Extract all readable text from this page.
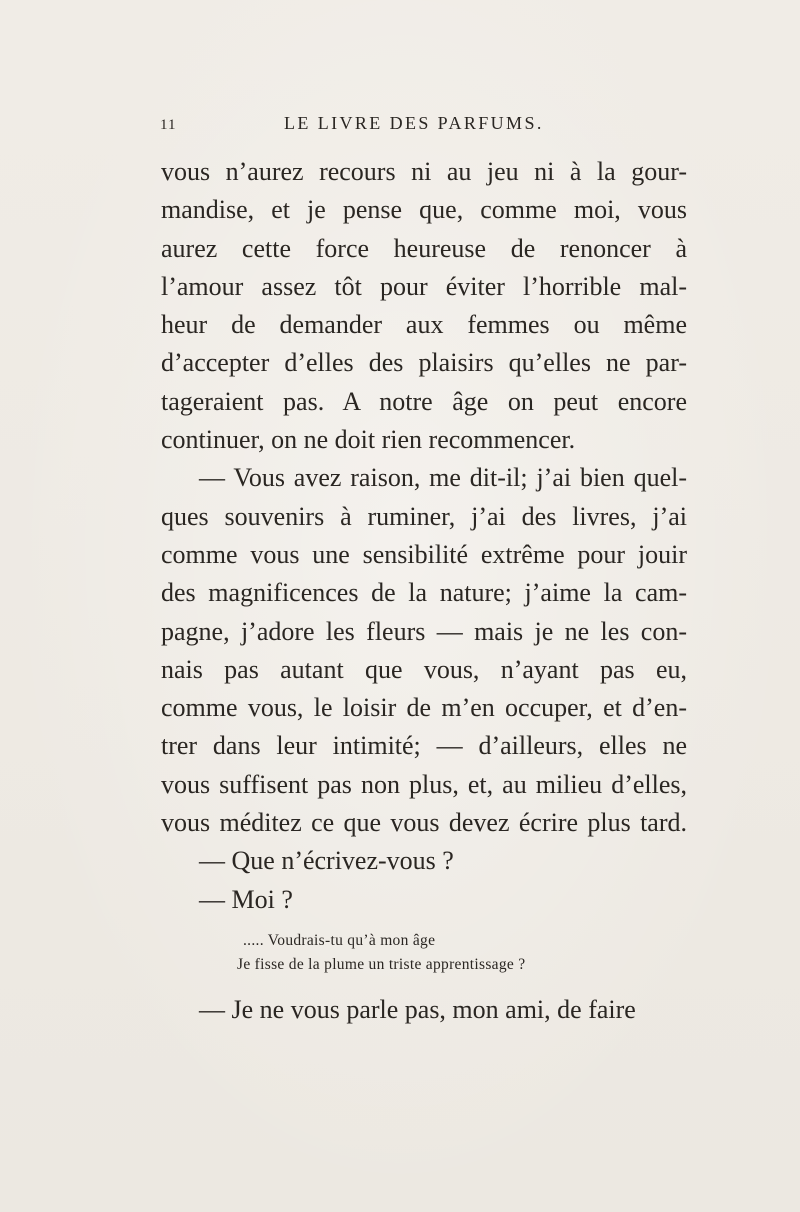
11	LE LIVRE DES PARFUMS.
vous n’aurez recours ni au jeu ni à la gour-
mandise, et je pense que, comme moi, vous
aurez cette force heureuse de renoncer à
l’amour assez tôt pour éviter l’horrible mal-
heur de demander aux femmes ou même
d’accepter d’elles des plaisirs qu’elles ne par-
tageraient pas. A notre âge on peut encore
continuer, on ne doit rien recommencer.
— Vous avez raison, me dit-il; j’ai bien quel-
ques souvenirs à ruminer, j’ai des livres, j’ai
comme vous une sensibilité extrême pour jouir
des magnificences de la nature; j’aime la cam-
pagne, j’adore les fleurs — mais je ne les con-
nais pas autant que vous, n’ayant pas eu,
comme vous, le loisir de m’en occuper, et d’en-
trer dans leur intimité; — d’ailleurs, elles ne
vous suffisent pas non plus, et, au milieu d’elles,
vous méditez ce que vous devez écrire plus tard.
— Que n’écrivez-vous ?
— Moi ?
..... Voudrais-tu qu’à mon âge
Je fisse de la plume un triste apprentissage ?
— Je ne vous parle pas, mon ami, de faire
